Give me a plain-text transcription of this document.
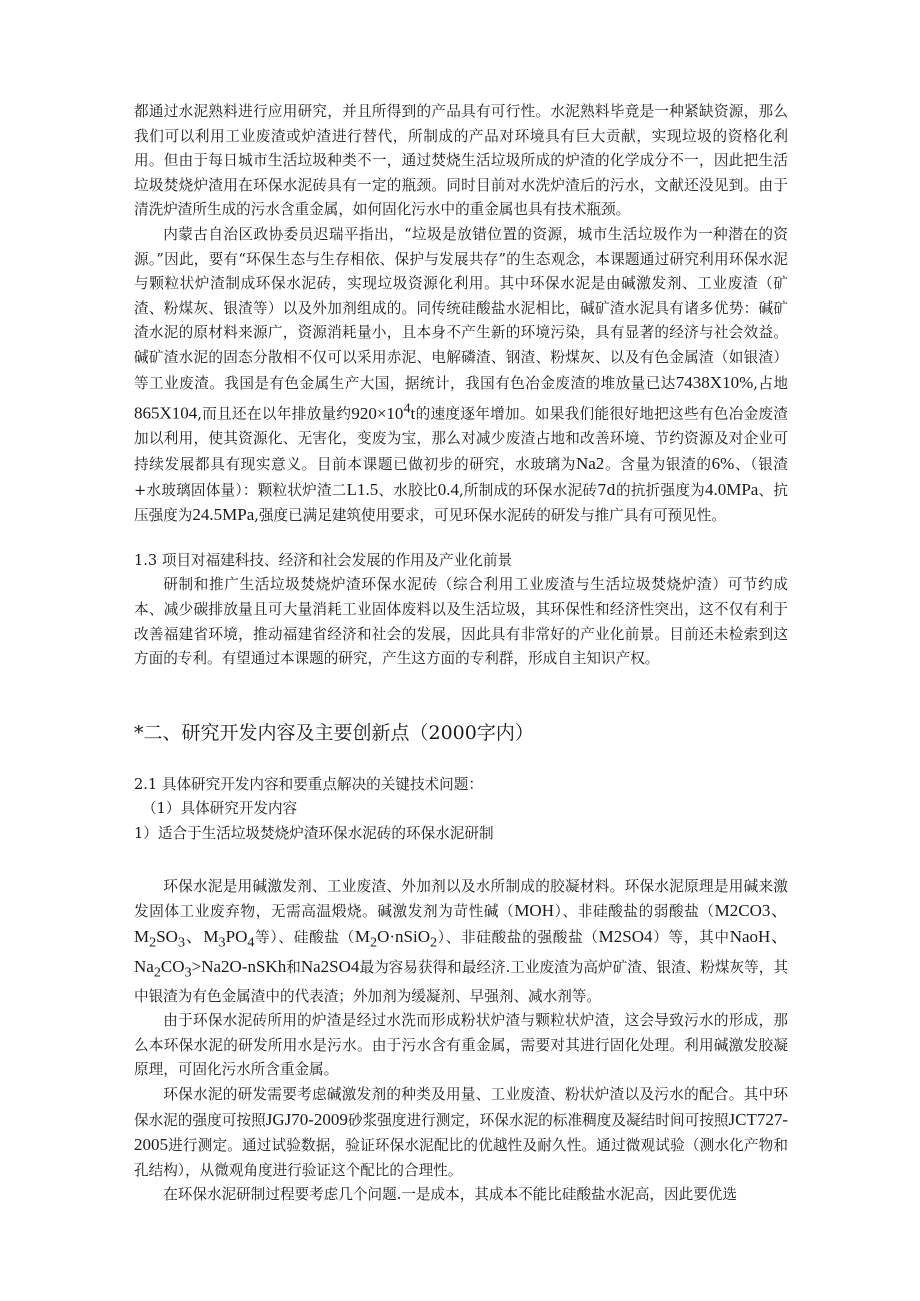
都通过水泥熟料进行应用研究，并且所得到的产品具有可行性。水泥熟料毕竟是一种紧缺资源，那么我们可以利用工业废渣或炉渣进行替代，所制成的产品对环境具有巨大贡献，实现垃圾的资格化利用。但由于每日城市生活垃圾种类不一，通过焚烧生活垃圾所成的炉渣的化学成分不一，因此把生活垃圾焚烧炉渣用在环保水泥砖具有一定的瓶颈。同时目前对水洗炉渣后的污水，文献还没见到。由于清洗炉渣所生成的污水含重金属，如何固化污水中的重金属也具有技术瓶颈。

内蒙古自治区政协委员迟瑞平指出，“垃圾是放错位置的资源，城市生活垃圾作为一种潜在的资源。”因此，要有“环保生态与生存相依、保护与发展共存”的生态观念，本课题通过研究利用环保水泥与颗粒状炉渣制成环保水泥砖，实现垃圾资源化利用。其中环保水泥是由碱激发剂、工业废渣（矿渣、粉煤灰、银渣等）以及外加剂组成的。同传统硅酸盐水泥相比，碱矿渣水泥具有诸多优势：碱矿渣水泥的原材料来源广，资源消耗量小，且本身不产生新的环境污染，具有显著的经济与社会效益。碱矿渣水泥的固态分散相不仅可以采用赤泥、电解磷渣、钢渣、粉煤灰、以及有色金属渣（如银渣）等工业废渣。我国是有色金属生产大国，据统计，我国有色冶金废渣的堆放量已达7438X10%,占地865X104,而且还在以年排放量约$920\times 10^4t$的速度逐年增加。如果我们能很好地把这些有色冶金废渣加以利用，使其资源化、无害化，变废为宝，那么对减少废渣占地和改善环境、节约资源及对企业可持续发展都具有现实意义。目前本课题已做初步的研究，水玻璃为Na2。含量为银渣的6%、（银渣+水玻璃固体量）：颗粒状炉渣二L1.5、水胶比0.4,所制成的环保水泥砖7d的抗折强度为4.0MPa、抗压强度为24.5MPa,强度已满足建筑使用要求，可见环保水泥砖的研发与推广具有可预见性。

1.3 项目对福建科技、经济和社会发展的作用及产业化前景

研制和推广生活垃圾焚烧炉渣环保水泥砖（综合利用工业废渣与生活垃圾焚烧炉渣）可节约成本、减少碳排放量且可大量消耗工业固体废料以及生活垃圾，其环保性和经济性突出，这不仅有利于改善福建省环境，推动福建省经济和社会的发展，因此具有非常好的产业化前景。目前还未检索到这方面的专利。有望通过本课题的研究，产生这方面的专利群，形成自主知识产权。

*二、研究开发内容及主要创新点（2000字内）

2.1 具体研究开发内容和要重点解决的关键技术问题：

（1）具体研究开发内容

1）适合于生活垃圾焚烧炉渣环保水泥砖的环保水泥研制

环保水泥是用碱激发剂、工业废渣、外加剂以及水所制成的胶凝材料。环保水泥原理是用碱来激发固体工业废弃物，无需高温煅烧。碱激发剂为苛性碱（MOH）、非硅酸盐的弱酸盐（M2CO3、$M_2SO_3$、$M_3PO_4$等）、硅酸盐$(M_2O\cdot nSiO_2)$、非硅酸盐的强酸盐（M2SO4）等，其中NaoH、$Na_2CO_3>Na2O$-nSKh和Na2SO4最为容易获得和最经济.工业废渣为高炉矿渣、银渣、粉煤灰等，其中银渣为有色金属渣中的代表渣；外加剂为缓凝剂、早强剂、减水剂等。

由于环保水泥砖所用的炉渣是经过水洗而形成粉状炉渣与颗粒状炉渣，这会导致污水的形成，那么本环保水泥的研发所用水是污水。由于污水含有重金属，需要对其进行固化处理。利用碱激发胶凝原理，可固化污水所含重金属。

环保水泥的研发需要考虑碱激发剂的种类及用量、工业废渣、粉状炉渣以及污水的配合。其中环保水泥的强度可按照JGJ70-2009砂浆强度进行测定，环保水泥的标准稠度及凝结时间可按照JCT727-2005进行测定。通过试验数据，验证环保水泥配比的优越性及耐久性。通过微观试验（测水化产物和孔结构），从微观角度进行验证这个配比的合理性。

在环保水泥研制过程要考虑几个问题.一是成本，其成本不能比硅酸盐水泥高，因此要优选
